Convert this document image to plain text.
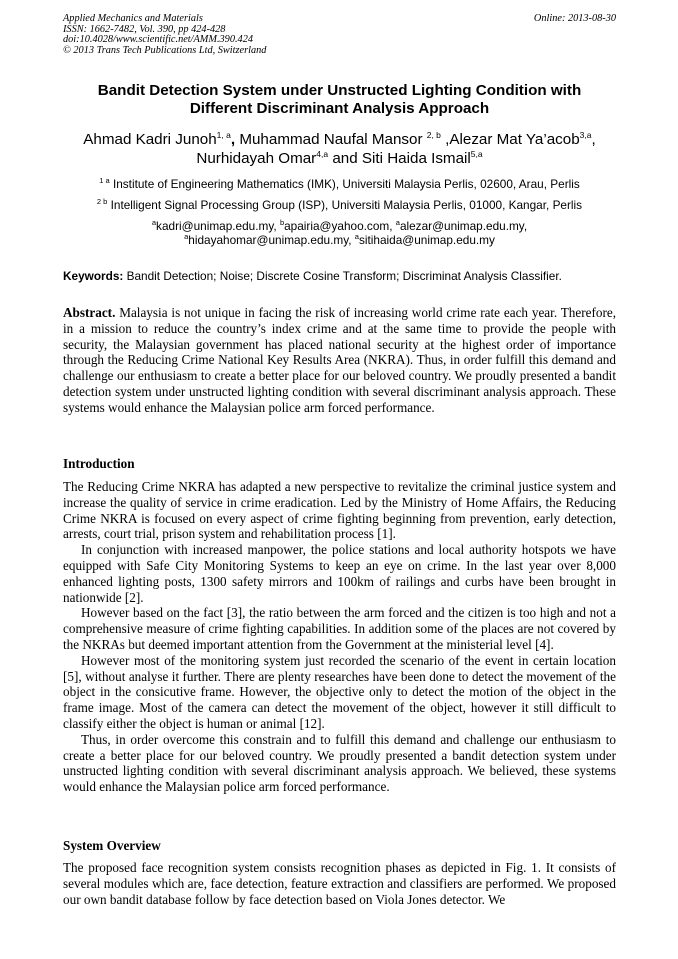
Applied Mechanics and Materials
ISSN: 1662-7482, Vol. 390, pp 424-428
doi:10.4028/www.scientific.net/AMM.390.424
© 2013 Trans Tech Publications Ltd, Switzerland
Online: 2013-08-30
Bandit Detection System under Unstructed Lighting Condition with
Different Discriminant Analysis Approach
Ahmad Kadri Junoh$^{1, a}$, Muhammad Naufal Mansor $^{2, b}$ ,Alezar Mat Ya’acob$^{3,a}$,
Nurhidayah Omar$^{4,a}$ and Siti Haida Ismail$^{5,a}$
$^{1 a}$ Institute of Engineering Mathematics (IMK), Universiti Malaysia Perlis, 02600, Arau, Perlis
$^{2 b}$ Intelligent Signal Processing Group (ISP), Universiti Malaysia Perlis, 01000, Kangar, Perlis
$^a$kadri@unimap.edu.my, $^b$apairia@yahoo.com, $^a$alezar@unimap.edu.my,
$^a$hidayahomar@unimap.edu.my, $^a$sitihaida@unimap.edu.my
Keywords: Bandit Detection; Noise; Discrete Cosine Transform; Discriminat Analysis Classifier.

Abstract. Malaysia is not unique in facing the risk of increasing world crime rate each year. Therefore, in a mission to reduce the country’s index crime and at the same time to provide the people with security, the Malaysian government has placed national security at the highest order of importance through the Reducing Crime National Key Results Area (NKRA). Thus, in order fulfill this demand and challenge our enthusiasm to create a better place for our beloved country. We proudly presented a bandit detection system under unstructed lighting condition with several discriminant analysis approach. These systems would enhance the Malaysian police arm forced performance.

Introduction

The Reducing Crime NKRA has adapted a new perspective to revitalize the criminal justice system and increase the quality of service in crime eradication. Led by the Ministry of Home Affairs, the Reducing Crime NKRA is focused on every aspect of crime fighting beginning from prevention, early detection, arrests, court trial, prison system and rehabilitation process [1].

In conjunction with increased manpower, the police stations and local authority hotspots we have equipped with Safe City Monitoring Systems to keep an eye on crime. In the last year over 8,000 enhanced lighting posts, 1300 safety mirrors and 100km of railings and curbs have been brought in nationwide [2].

However based on the fact [3], the ratio between the arm forced and the citizen is too high and not a comprehensive measure of crime fighting capabilities. In addition some of the places are not covered by the NKRAs but deemed important attention from the Government at the ministerial level [4].

However most of the monitoring system just recorded the scenario of the event in certain location [5], without analyse it further. There are plenty researches have been done to detect the movement of the object in the consicutive frame. However, the objective only to detect the motion of the object in the frame image. Most of the camera can detect the movement of the object, however it still difficult to classify either the object is human or animal [12].

Thus, in order overcome this constrain and to fulfill this demand and challenge our enthusiasm to create a better place for our beloved country. We proudly presented a bandit detection system under unstructed lighting condition with several discriminant analysis approach. We believed, these systems would enhance the Malaysian police arm forced performance.

System Overview

The proposed face recognition system consists recognition phases as depicted in Fig. 1. It consists of several modules which are, face detection, feature extraction and classifiers are performed. We proposed our own bandit database follow by face detection based on Viola Jones detector. We
